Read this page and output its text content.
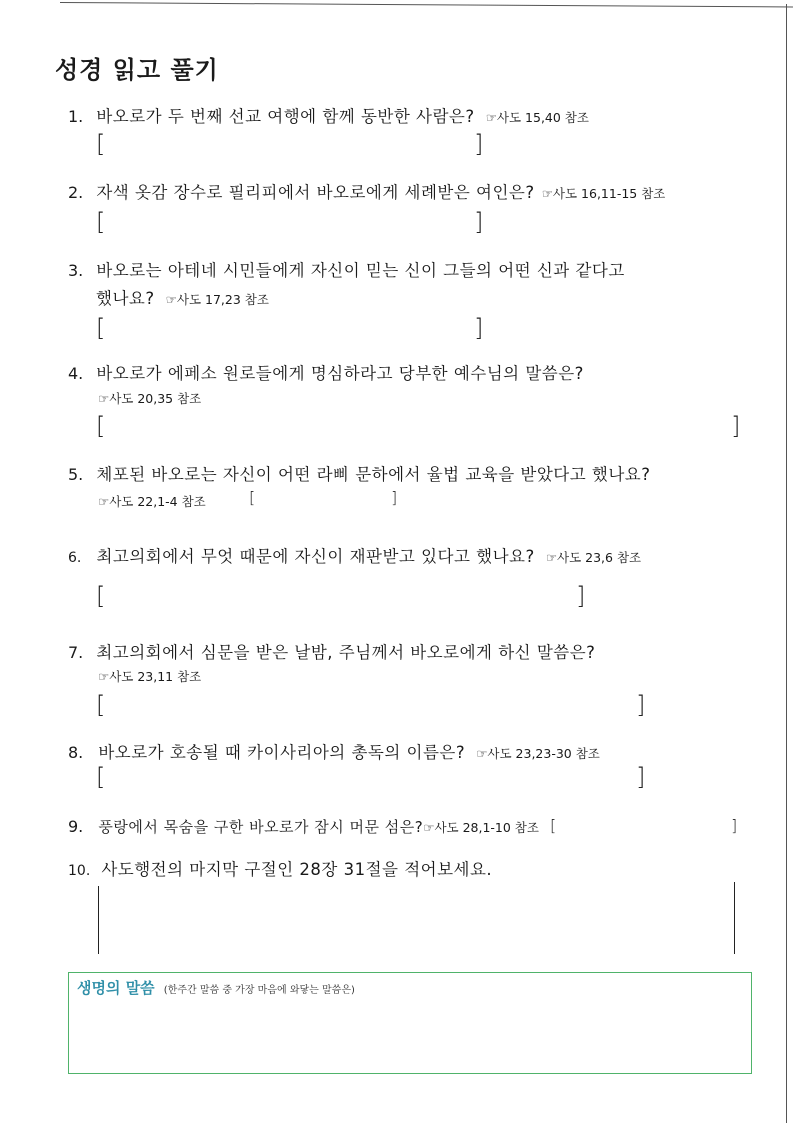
성경 읽고 풀기
1. 바오로가 두 번째 선교 여행에 함께 동반한 사람은? ☞사도 15,40 참조
[	]
2. 자색 옷감 장수로 필리피에서 바오로에게 세례받은 여인은? ☞사도 16,11-15 참조
[	]
3. 바오로는 아테네 시민들에게 자신이 믿는 신이 그들의 어떤 신과 같다고
했나요? ☞사도 17,23 참조
[	]
4. 바오로가 에페소 원로들에게 명심하라고 당부한 예수님의 말씀은?
☞사도 20,35 참조
[	]
5. 체포된 바오로는 자신이 어떤 라삐 문하에서 율법 교육을 받았다고 했나요?
☞사도 22,1-4 참조	[	]
6. 최고의회에서 무엇 때문에 자신이 재판받고 있다고 했나요? ☞사도 23,6 참조
[	]
7. 최고의회에서 심문을 받은 날밤, 주님께서 바오로에게 하신 말씀은?
☞사도 23,11 참조
[	]
8. 바오로가 호송될 때 카이사리아의 총독의 이름은? ☞사도 23,23-30 참조
[	]
9. 풍랑에서 목숨을 구한 바오로가 잠시 머문 섬은?☞사도 28,1-10 참조 [	]
10. 사도행전의 마지막 구절인 28장 31절을 적어보세요.
생명의 말씀 (한주간 말씀 중 가장 마음에 와닿는 말씀은)
